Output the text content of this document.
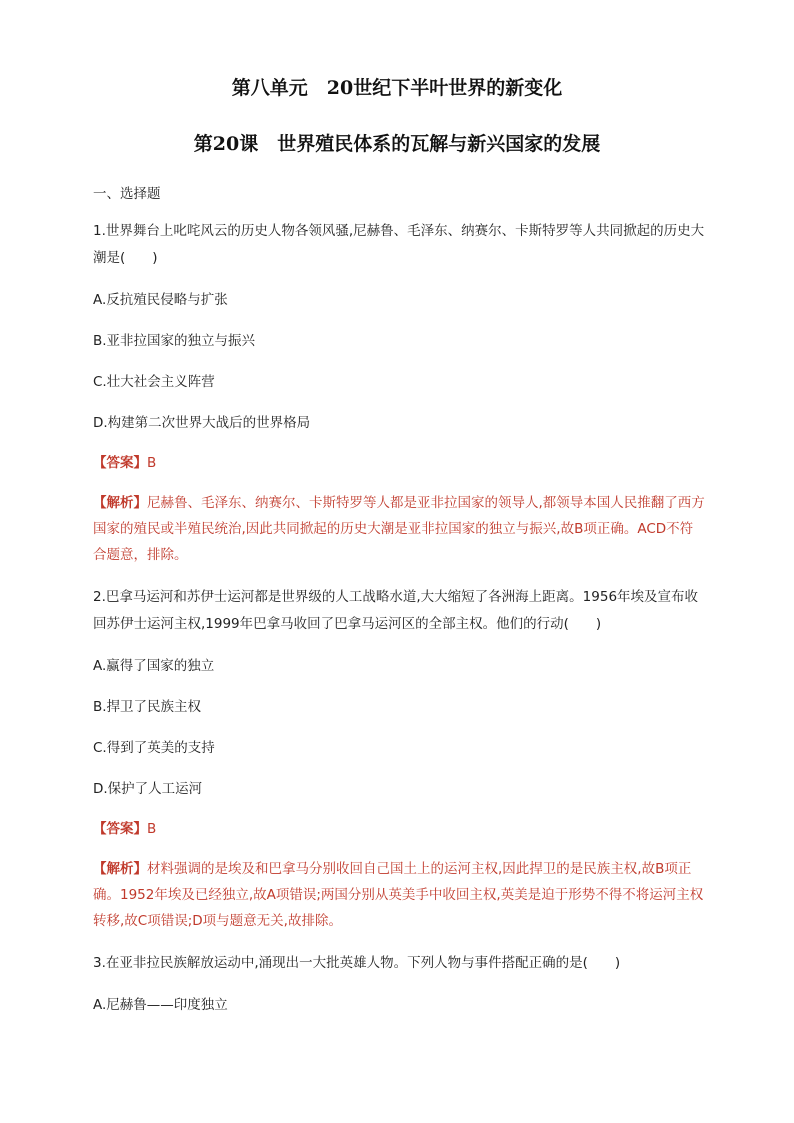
第八单元　20世纪下半叶世界的新变化
第20课　世界殖民体系的瓦解与新兴国家的发展
一、选择题
1.世界舞台上叱咤风云的历史人物各领风骚,尼赫鲁、毛泽东、纳赛尔、卡斯特罗等人共同掀起的历史大潮是(　　)
A.反抗殖民侵略与扩张
B.亚非拉国家的独立与振兴
C.壮大社会主义阵营
D.构建第二次世界大战后的世界格局
【答案】B
【解析】尼赫鲁、毛泽东、纳赛尔、卡斯特罗等人都是亚非拉国家的领导人,都领导本国人民推翻了西方国家的殖民或半殖民统治,因此共同掀起的历史大潮是亚非拉国家的独立与振兴,故B项正确。ACD不符合题意，排除。
2.巴拿马运河和苏伊士运河都是世界级的人工战略水道,大大缩短了各洲海上距离。1956年埃及宣布收回苏伊士运河主权,1999年巴拿马收回了巴拿马运河区的全部主权。他们的行动(　　)
A.赢得了国家的独立
B.捍卫了民族主权
C.得到了英美的支持
D.保护了人工运河
【答案】B
【解析】材料强调的是埃及和巴拿马分别收回自己国土上的运河主权,因此捍卫的是民族主权,故B项正确。1952年埃及已经独立,故A项错误;两国分别从英美手中收回主权,英美是迫于形势不得不将运河主权转移,故C项错误;D项与题意无关,故排除。
3.在亚非拉民族解放运动中,涌现出一大批英雄人物。下列人物与事件搭配正确的是(　　)
A.尼赫鲁——印度独立
